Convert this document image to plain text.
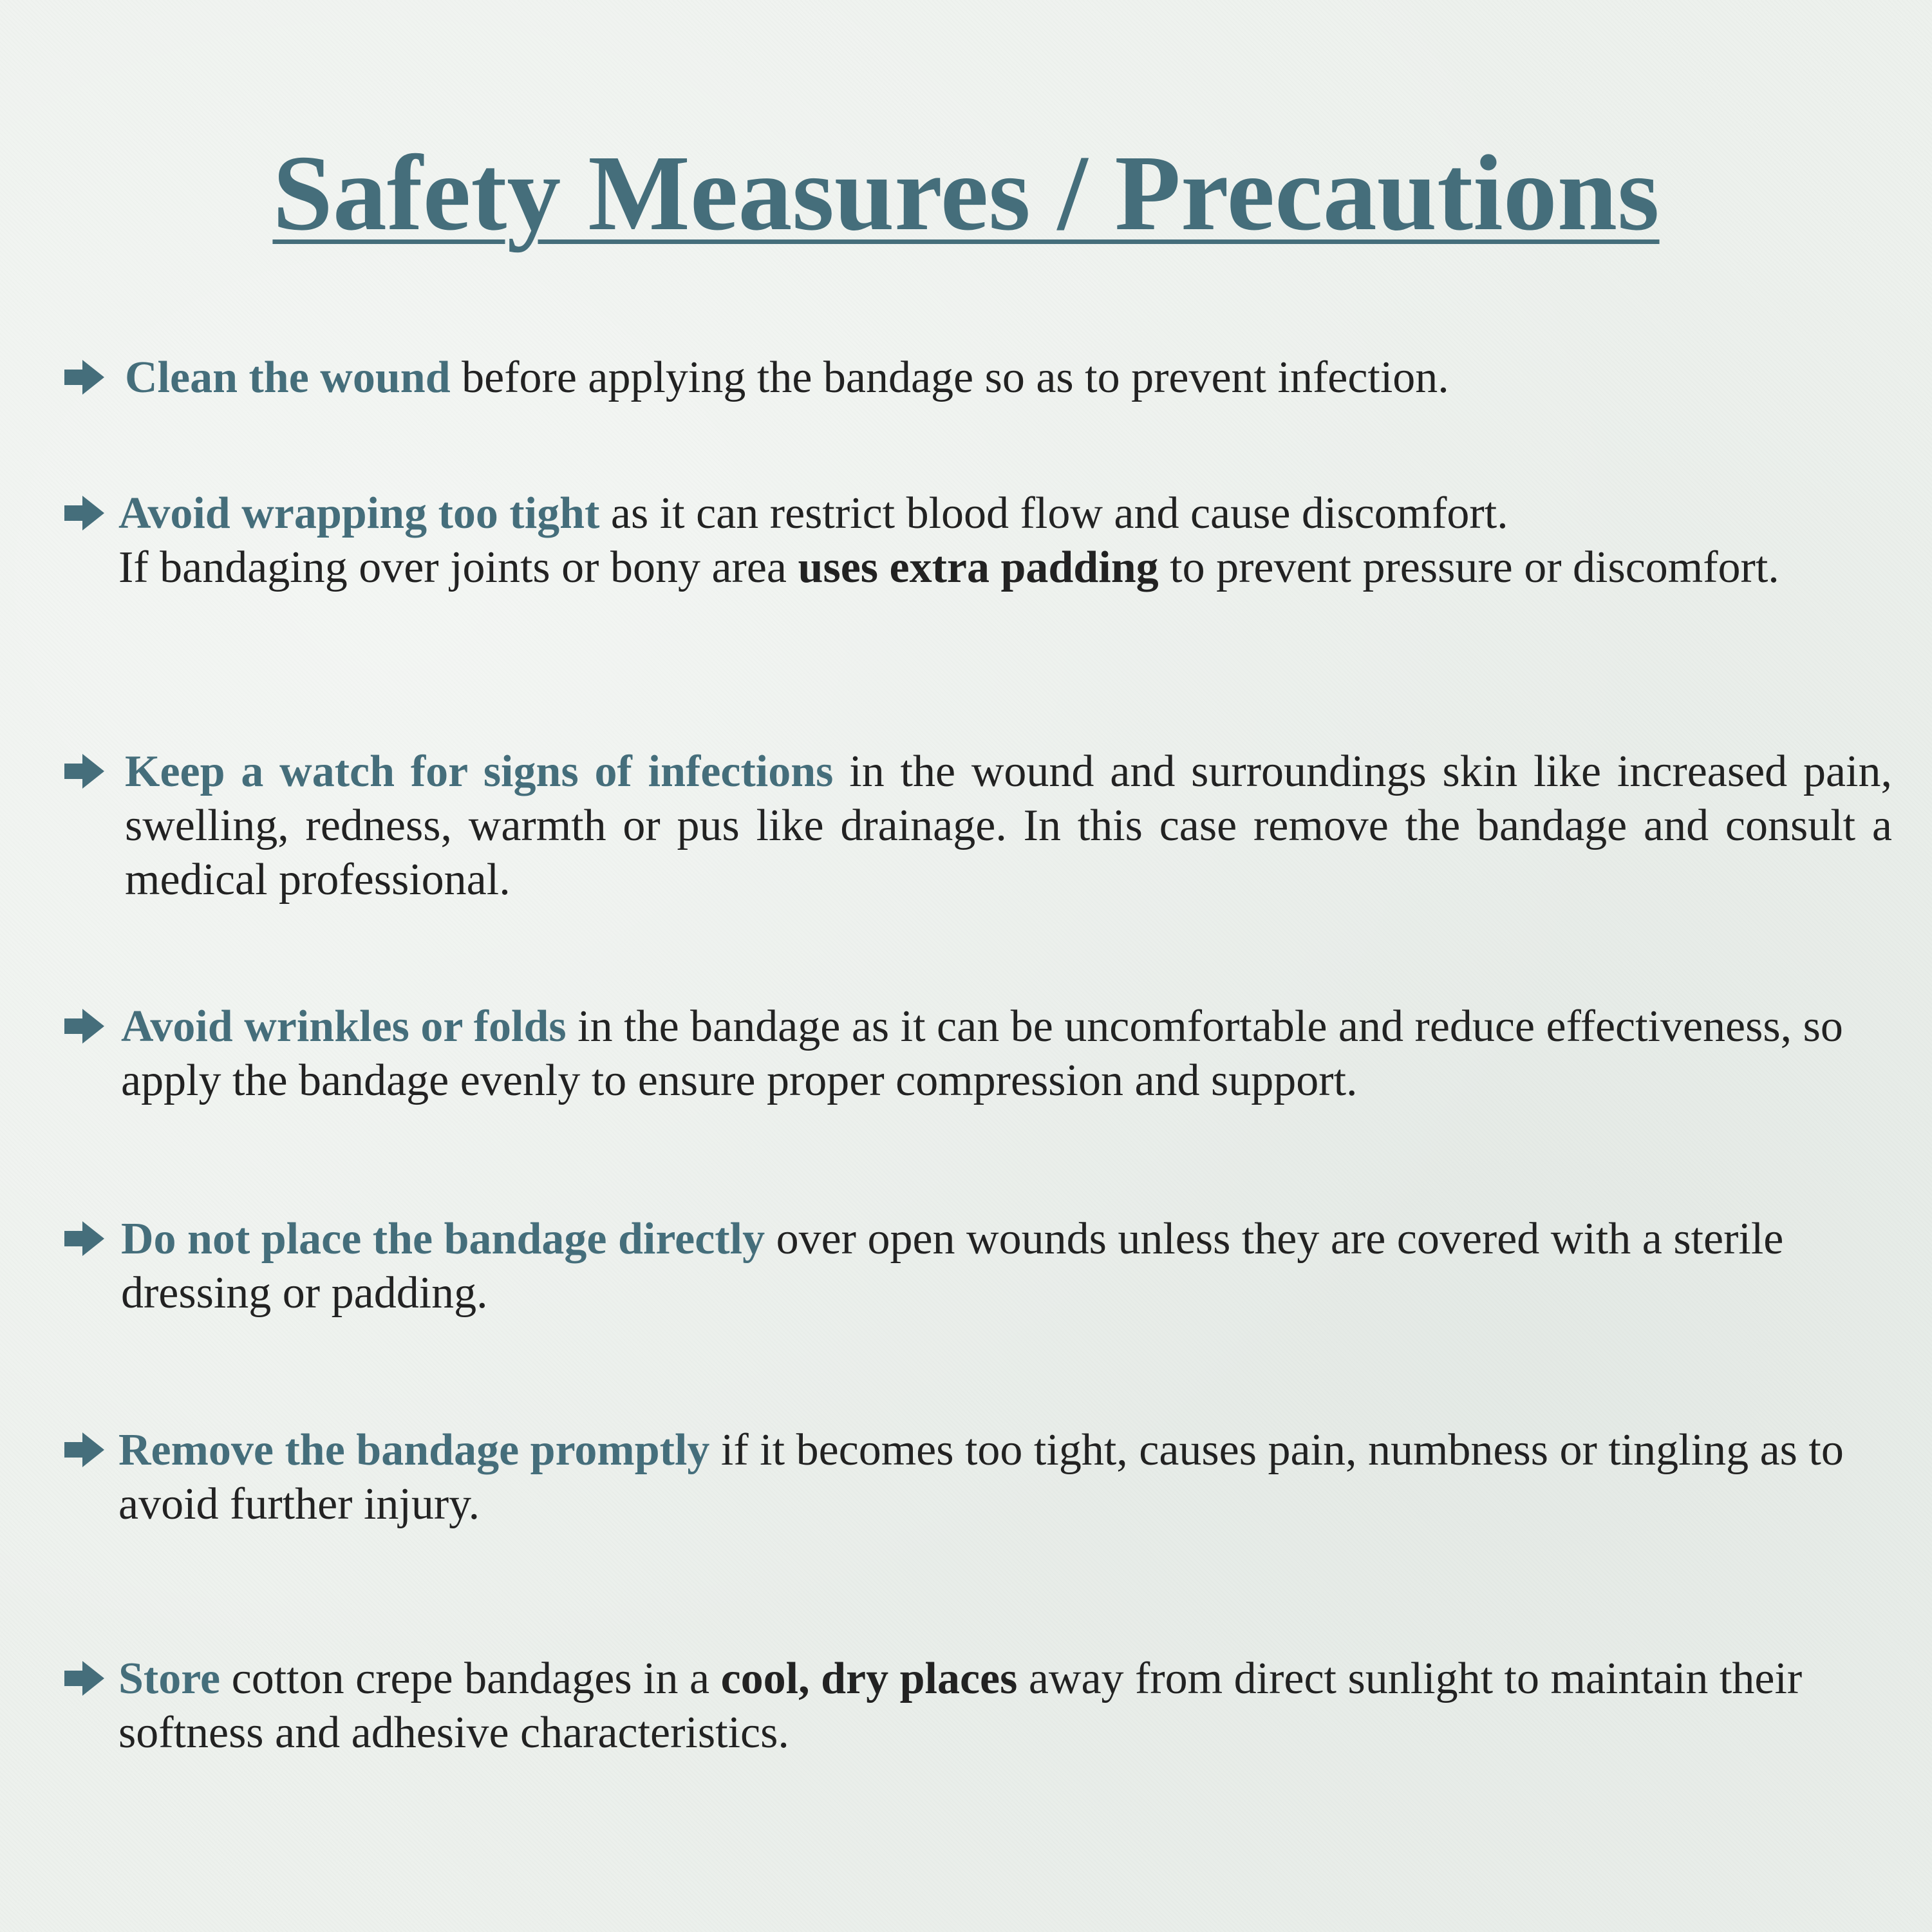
Safety Measures / Precautions

Clean the wound before applying the bandage so as to prevent infection.

Avoid wrapping too tight as it can restrict blood flow and cause discomfort.
If bandaging over joints or bony area uses extra padding to prevent pressure or discomfort.

Keep a watch for signs of infections in the wound and surroundings skin like increased pain, swelling, redness, warmth or pus like drainage. In this case remove the bandage and consult a medical professional.

Avoid wrinkles or folds in the bandage as it can be uncomfortable and reduce effectiveness, so apply the bandage evenly to ensure proper compression and support.

Do not place the bandage directly over open wounds unless they are covered with a sterile dressing or padding.

Remove the bandage promptly if it becomes too tight, causes pain, numbness or tingling as to avoid further injury.

Store cotton crepe bandages in a cool, dry places away from direct sunlight to maintain their softness and adhesive characteristics.
